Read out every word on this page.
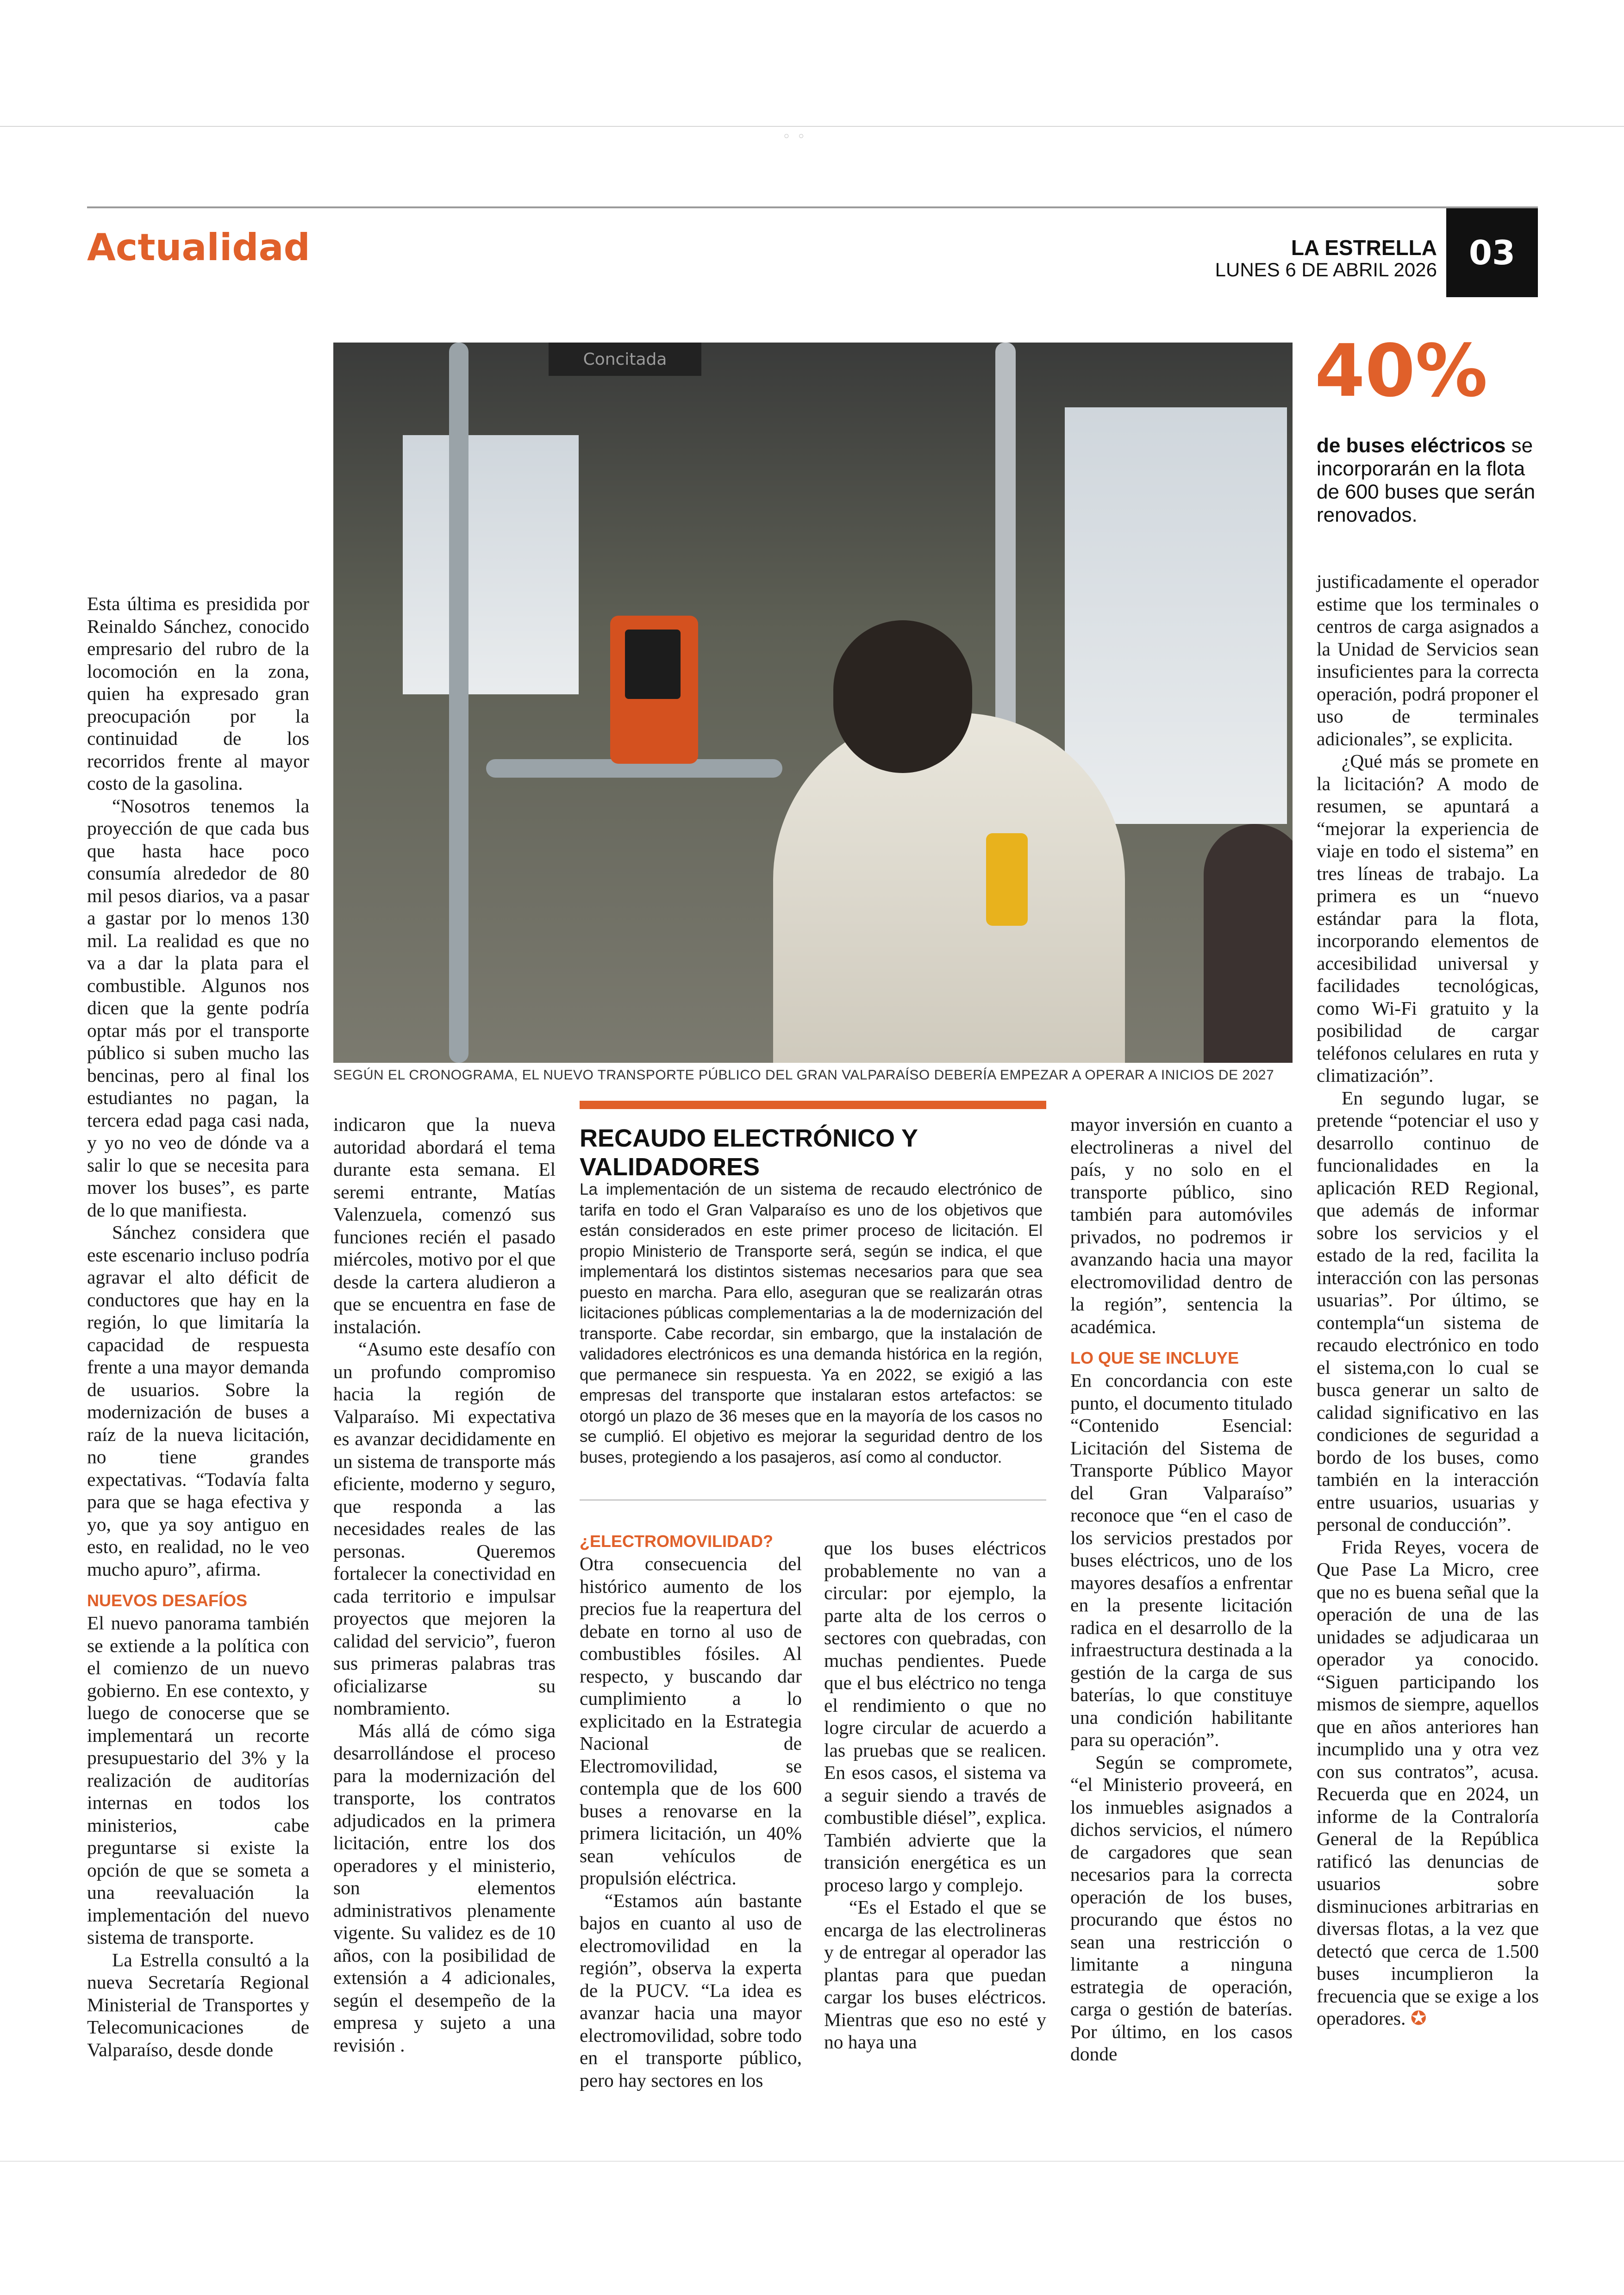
◦◦
Actualidad	LA ESTRELLA
LUNES 6 DE ABRIL 2026 03
Concitada
SEGÚN EL CRONOGRAMA, EL NUEVO TRANSPORTE PÚBLICO DEL GRAN VALPARAÍSO DEBERÍA EMPEZAR A OPERAR A INICIOS DE 2027
40%
de buses eléctricos se incorporarán en la flota de 600 buses que serán renovados.

Esta última es presidida por Reinaldo Sánchez, conocido empresario del rubro de la locomoción en la zona, quien ha expresado gran preocupación por la continuidad de los recorridos frente al mayor costo de la gasolina.

“Nosotros tenemos la proyección de que cada bus que hasta hace poco consumía alrededor de 80 mil pesos diarios, va a pasar a gastar por lo menos 130 mil. La realidad es que no va a dar la plata para el combustible. Algunos nos dicen que la gente podría optar más por el transporte público si suben mucho las bencinas, pero al final los estudiantes no pagan, la tercera edad paga casi nada, y yo no veo de dónde va a salir lo que se necesita para mover los buses”, es parte de lo que manifiesta.

Sánchez considera que este escenario incluso podría agravar el alto déficit de conductores que hay en la región, lo que limitaría la capacidad de respuesta frente a una mayor demanda de usuarios. Sobre la modernización de buses a raíz de la nueva licitación, no tiene grandes expectativas. “Todavía falta para que se haga efectiva y yo, que ya soy antiguo en esto, en realidad, no le veo mucho apuro”, afirma.

NUEVOS DESAFÍOS

El nuevo panorama también se extiende a la política con el comienzo de un nuevo gobierno. En ese contexto, y luego de conocerse que se implementará un recorte presupuestario del 3% y la realización de auditorías internas en todos los ministerios, cabe preguntarse si existe la opción de que se someta a una reevaluación la implementación del nuevo sistema de transporte.

La Estrella consultó a la nueva Secretaría Regional Ministerial de Transportes y Telecomunicaciones de Valparaíso, desde donde

indicaron que la nueva autoridad abordará el tema durante esta semana. El seremi entrante, Matías Valenzuela, comenzó sus funciones recién el pasado miércoles, motivo por el que desde la cartera aludieron a que se encuentra en fase de instalación.

“Asumo este desafío con un profundo compromiso hacia la región de Valparaíso. Mi expectativa es avanzar decididamente en un sistema de transporte más eficiente, moderno y seguro, que responda a las necesidades reales de las personas. Queremos fortalecer la conectividad en cada territorio e impulsar proyectos que mejoren la calidad del servicio”, fueron sus primeras palabras tras oficializarse su nombramiento.

Más allá de cómo siga desarrollándose el proceso para la modernización del transporte, los contratos adjudicados en la primera licitación, entre los dos operadores y el ministerio, son elementos administrativos plenamente vigente. Su validez es de 10 años, con la posibilidad de extensión a 4 adicionales, según el desempeño de la empresa y sujeto a una revisión .

RECAUDO ELECTRÓNICO Y VALIDADORES
La implementación de un sistema de recaudo electrónico de tarifa en todo el Gran Valparaíso es uno de los objetivos que están considerados en este primer proceso de licitación. El propio Ministerio de Transporte será, según se indica, el que implementará los distintos sistemas necesarios para que sea puesto en marcha. Para ello, aseguran que se realizarán otras licitaciones públicas complementarias a la de modernización del transporte. Cabe recordar, sin embargo, que la instalación de validadores electrónicos es una demanda histórica en la región, que permanece sin respuesta. Ya en 2022, se exigió a las empresas del transporte que instalaran estos artefactos: se otorgó un plazo de 36 meses que en la mayoría de los casos no se cumplió. El objetivo es mejorar la seguridad dentro de los buses, protegiendo a los pasajeros, así como al conductor.
¿ELECTROMOVILIDAD?

Otra consecuencia del histórico aumento de los precios fue la reapertura del debate en torno al uso de combustibles fósiles. Al respecto, y buscando dar cumplimiento a lo explicitado en la Estrategia Nacional de Electromovilidad, se contempla que de los 600 buses a renovarse en la primera licitación, un 40% sean vehículos de propulsión eléctrica.

“Estamos aún bastante bajos en cuanto al uso de electromovilidad en la región”, observa la experta de la PUCV. “La idea es avanzar hacia una mayor electromovilidad, sobre todo en el transporte público, pero hay sectores en los

que los buses eléctricos probablemente no van a circular: por ejemplo, la parte alta de los cerros o sectores con quebradas, con muchas pendientes. Puede que el bus eléctrico no tenga el rendimiento o que no logre circular de acuerdo a las pruebas que se realicen. En esos casos, el sistema va a seguir siendo a través de combustible diésel”, explica. También advierte que la transición energética es un proceso largo y complejo.

“Es el Estado el que se encarga de las electrolineras y de entregar al operador las plantas para que puedan cargar los buses eléctricos. Mientras que eso no esté y no haya una

mayor inversión en cuanto a electrolineras a nivel del país, y no solo en el transporte público, sino también para automóviles privados, no podremos ir avanzando hacia una mayor electromovilidad dentro de la región”, sentencia la académica.

LO QUE SE INCLUYE

En concordancia con este punto, el documento titulado “Contenido Esencial: Licitación del Sistema de Transporte Público Mayor del Gran Valparaíso” reconoce que “en el caso de los servicios prestados por buses eléctricos, uno de los mayores desafíos a enfrentar en la presente licitación radica en el desarrollo de la infraestructura destinada a la gestión de la carga de sus baterías, lo que constituye una condición habilitante para su operación”.

Según se compromete, “el Ministerio proveerá, en los inmuebles asignados a dichos servicios, el número de cargadores que sean necesarios para la correcta operación de los buses, procurando que éstos no sean una restricción o limitante a ninguna estrategia de operación, carga o gestión de baterías. Por último, en los casos donde

justificadamente el operador estime que los terminales o centros de carga asignados a la Unidad de Servicios sean insuficientes para la correcta operación, podrá proponer el uso de terminales adicionales”, se explicita.

¿Qué más se promete en la licitación? A modo de resumen, se apuntará a “mejorar la experiencia de viaje en todo el sistema” en tres líneas de trabajo. La primera es un “nuevo estándar para la flota, incorporando elementos de accesibilidad universal y facilidades tecnológicas, como Wi-Fi gratuito y la posibilidad de cargar teléfonos celulares en ruta y climatización”.

En segundo lugar, se pretende “potenciar el uso y desarrollo continuo de funcionalidades en la aplicación RED Regional, que además de informar sobre los servicios y el estado de la red, facilita la interacción con las personas usuarias”. Por último, se contempla“un sistema de recaudo electrónico en todo el sistema,con lo cual se busca generar un salto de calidad significativo en las condiciones de seguridad a bordo de los buses, como también en la interacción entre usuarios, usuarias y personal de conducción”.

Frida Reyes, vocera de Que Pase La Micro, cree que no es buena señal que la operación de una de las unidades se adjudicaraa un operador ya conocido. “Siguen participando los mismos de siempre, aquellos que en años anteriores han incumplido una y otra vez con sus contratos”, acusa. Recuerda que en 2024, un informe de la Contraloría General de la República ratificó las denuncias de usuarios sobre disminuciones arbitrarias en diversas flotas, a la vez que detectó que cerca de 1.500 buses incumplieron la frecuencia que se exige a los operadores. ✪
